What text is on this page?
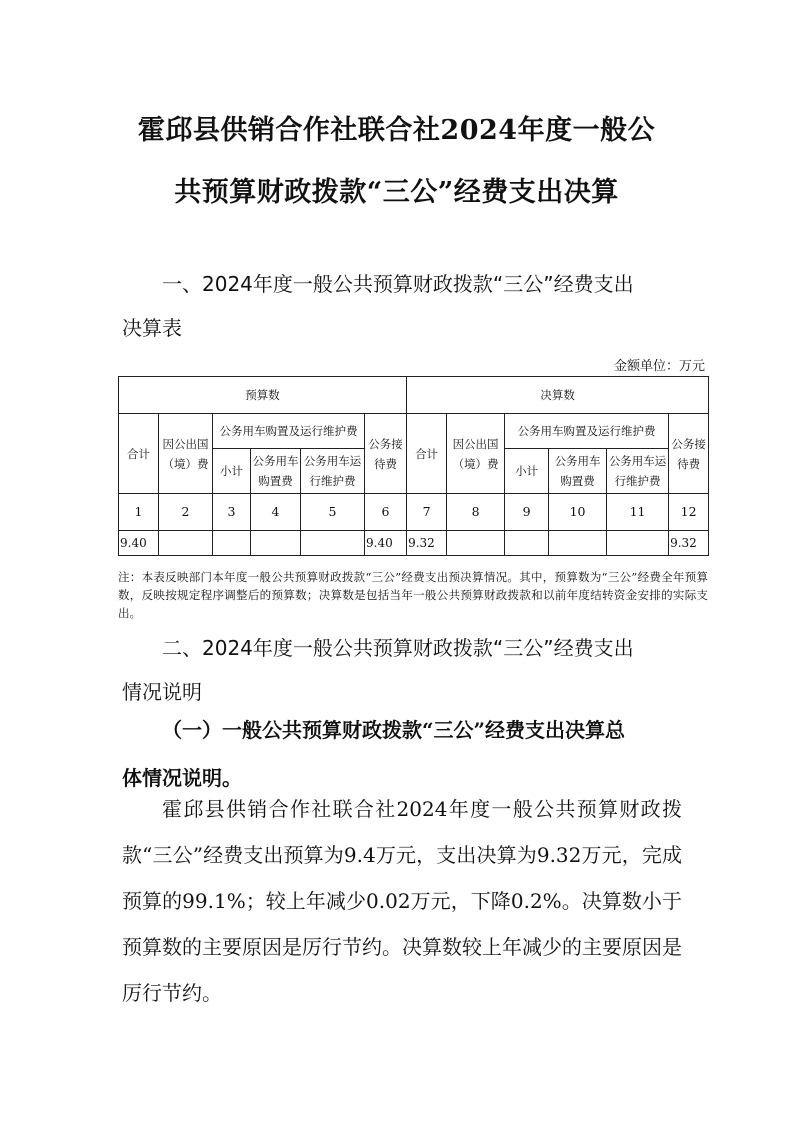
霍邱县供销合作社联合社2024年度一般公
共预算财政拨款“三公”经费支出决算
一、2024年度一般公共预算财政拨款“三公”经费支出
决算表
金额单位：万元
预算数						决算数					
合计	因公出国（境）费	公务用车购置及运行维护费			公务接待费	合计	因公出国（境）费	公务用车购置及运行维护费			公务接待费
		小计	公务用车购置费	公务用车运行维护费				小计	公务用车购置费	公务用车运行维护费	
1	2	3	4	5	6	7	8	9	10	11	12
9.40					9.40	9.32					9.32
注：本表反映部门本年度一般公共预算财政拨款“三公”经费支出预决算情况。其中，预算数为“三公”经费全年预算数，反映按规定程序调整后的预算数；决算数是包括当年一般公共预算财政拨款和以前年度结转资金安排的实际支出。
二、2024年度一般公共预算财政拨款“三公”经费支出
情况说明
（一）一般公共预算财政拨款“三公”经费支出决算总
体情况说明。
霍邱县供销合作社联合社2024年度一般公共预算财政拨款“三公”经费支出预算为9.4万元，支出决算为9.32万元，完成预算的99.1%；较上年减少0.02万元，下降0.2%。决算数小于预算数的主要原因是厉行节约。决算数较上年减少的主要原因是厉行节约。
